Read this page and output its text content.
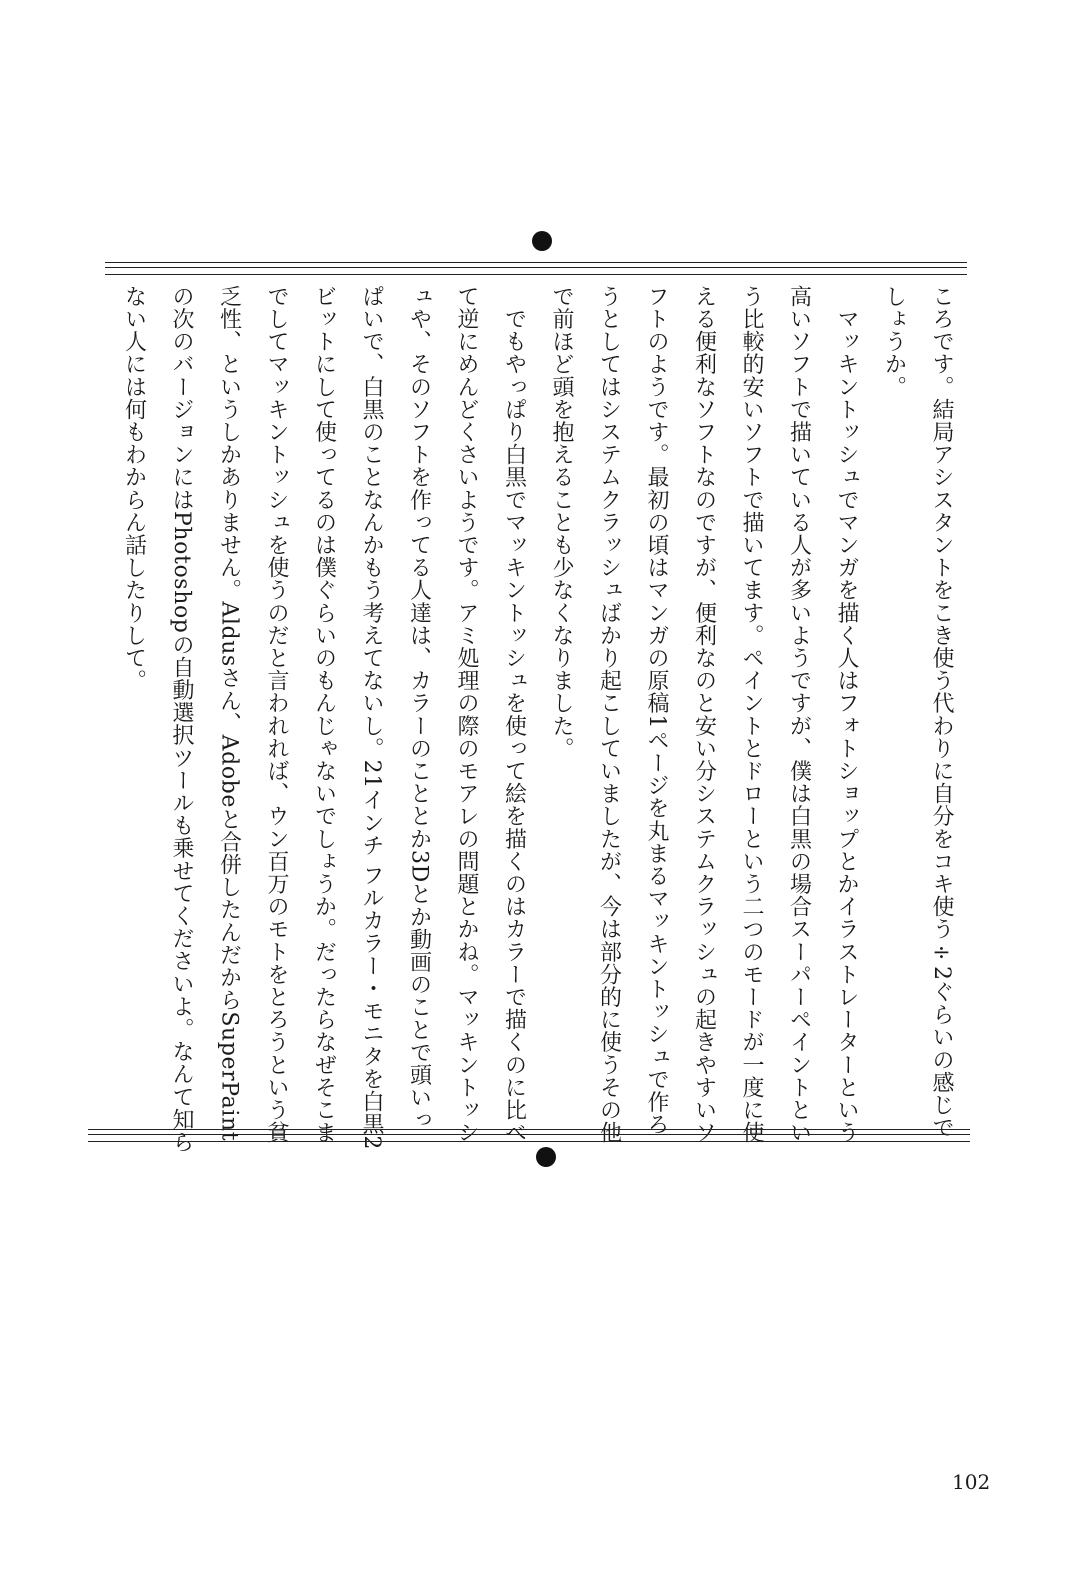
ころです。結局アシスタントをこき使う代わりに自分をコキ使う÷2ぐらいの感じで
しょうか。
　マッキントッシュでマンガを描く人はフォトショップとかイラストレーターという
高いソフトで描いている人が多いようですが、僕は白黒の場合スーパーペイントとい
う比較的安いソフトで描いてます。ペイントとドローという二つのモードが一度に使
える便利なソフトなのですが、便利なのと安い分システムクラッシュの起きやすいソ
フトのようです。最初の頃はマンガの原稿1ページを丸まるマッキントッシュで作ろ
うとしてはシステムクラッシュばかり起こしていましたが、今は部分的に使うその他
で前ほど頭を抱えることも少なくなりました。
　でもやっぱり白黒でマッキントッシュを使って絵を描くのはカラーで描くのに比べ
て逆にめんどくさいようです。アミ処理の際のモアレの問題とかね。マッキントッシ
ュや、そのソフトを作ってる人達は、カラーのこととか3Dとか動画のことで頭いっ
ぱいで、白黒のことなんかもう考えてないし。21インチ フルカラー・モニタを白黒2
ビットにして使ってるのは僕ぐらいのもんじゃないでしょうか。だったらなぜそこま
でしてマッキントッシュを使うのだと言われれば、ウン百万のモトをとろうという貧
乏性、というしかありません。Aldusさん、Adobeと合併したんだからSuperPaint
の次のバージョンにはPhotoshopの自動選択ツールも乗せてくださいよ。なんて知ら
ない人には何もわからん話したりして。
102
